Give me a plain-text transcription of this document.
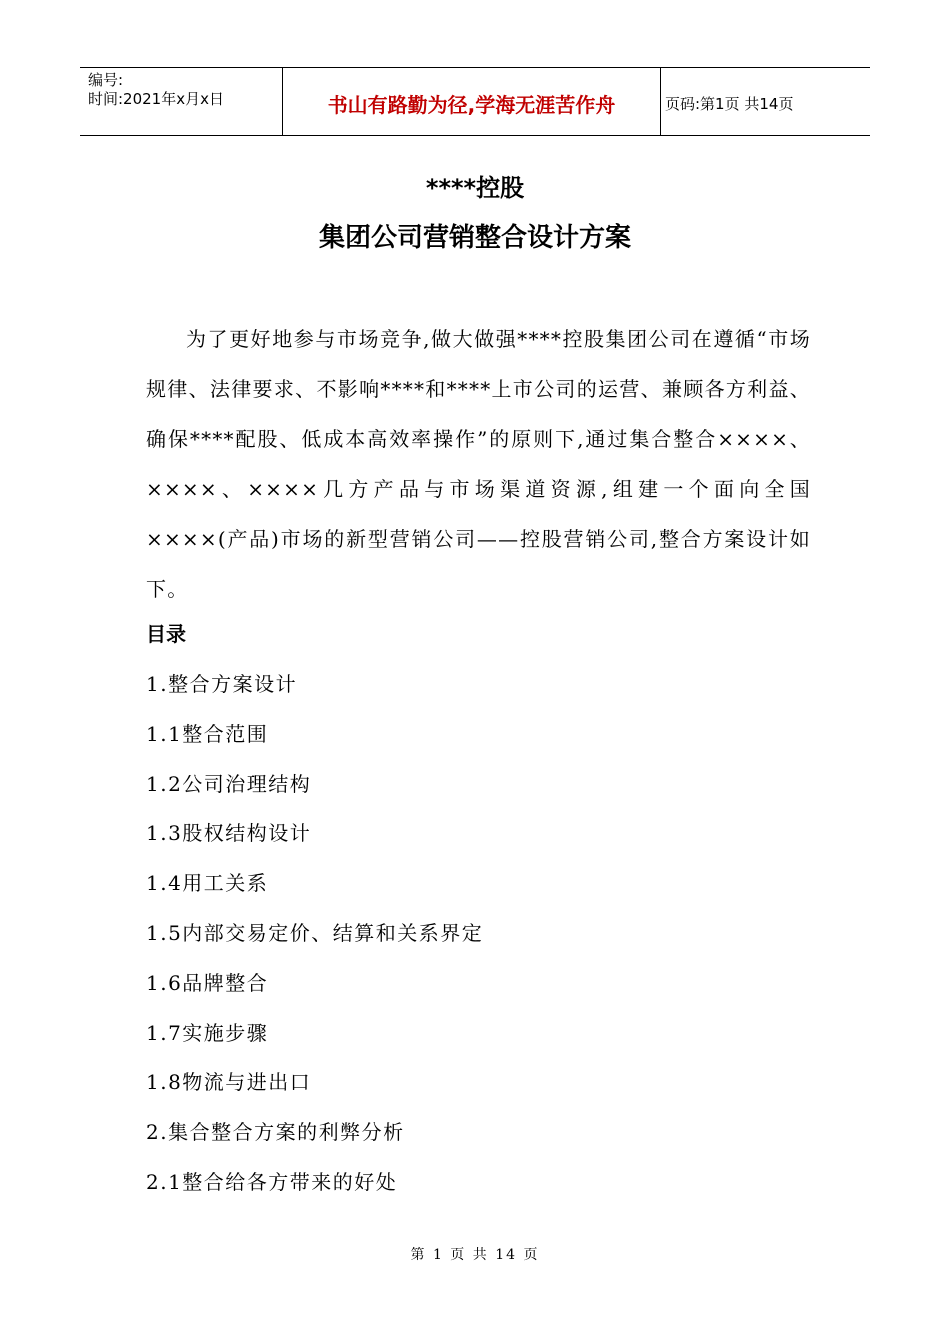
编号:
时间:2021年x月x日	书山有路勤为径,学海无涯苦作舟	页码:第1页 共14页
****控股
集团公司营销整合设计方案

为了更好地参与市场竞争,做大做强****控股集团公司在遵循“市场规律、法律要求、不影响****和****上市公司的运营、兼顾各方利益、确保****配股、低成本高效率操作”的原则下,通过集合整合××××、××××、××××几方产品与市场渠道资源,组建一个面向全国××××(产品)市场的新型营销公司——控股营销公司,整合方案设计如下。

目录
1.整合方案设计
1.1整合范围
1.2公司治理结构
1.3股权结构设计
1.4用工关系
1.5内部交易定价、结算和关系界定
1.6品牌整合
1.7实施步骤
1.8物流与进出口
2.集合整合方案的利弊分析
2.1整合给各方带来的好处
第 1 页 共 14 页
